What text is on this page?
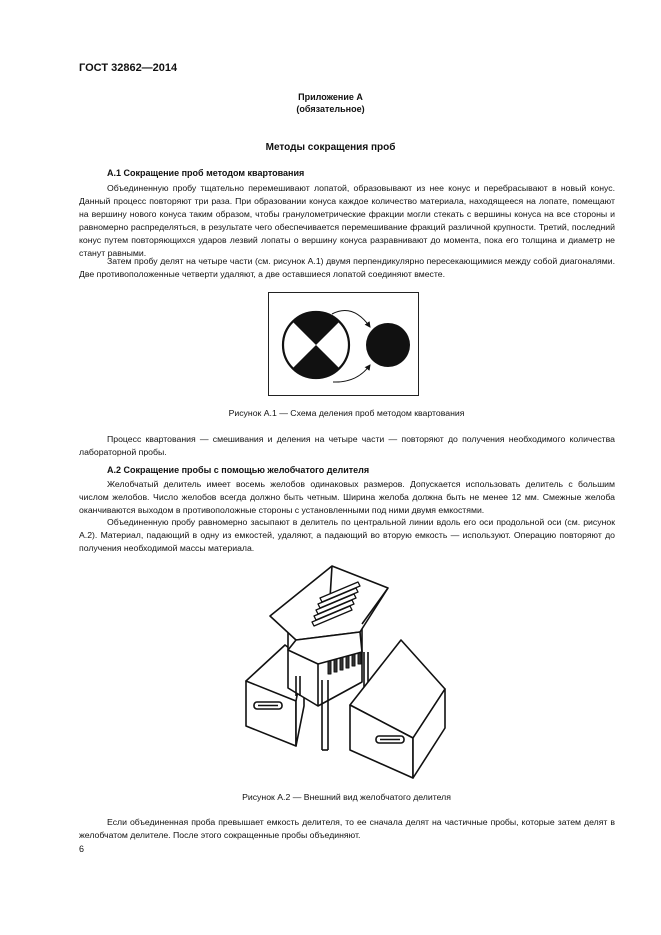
ГОСТ 32862—2014
Приложение А
(обязательное)
Методы сокращения проб
А.1 Сокращение проб методом квартования
Объединенную пробу тщательно перемешивают лопатой, образовывают из нее конус и перебрасывают в новый конус. Данный процесс повторяют три раза. При образовании конуса каждое количество материала, находящееся на лопате, помещают на вершину нового конуса таким образом, чтобы гранулометрические фракции могли стекать с вершины конуса на все стороны и равномерно распределяться, в результате чего обеспечивается перемешивание фракций различной крупности. Третий, последний конус путем повторяющихся ударов лезвий лопаты о вершину конуса разравнивают до момента, пока его толщина и диаметр не станут равными.
Затем пробу делят на четыре части (см. рисунок А.1) двумя перпендикулярно пересекающимися между собой диагоналями. Две противоположенные четверти удаляют, а две оставшиеся лопатой соединяют вместе.
Рисунок А.1 — Схема деления проб методом квартования
Процесс квартования — смешивания и деления на четыре части — повторяют до получения необходимого количества лабораторной пробы.
А.2 Сокращение пробы с помощью желобчатого делителя
Желобчатый делитель имеет восемь желобов одинаковых размеров. Допускается использовать делитель с большим числом желобов. Число желобов всегда должно быть четным. Ширина желоба должна быть не менее 12 мм. Смежные желоба оканчиваются выходом в противоположные стороны с установленными под ними двумя емкостями.
Объединенную пробу равномерно засыпают в делитель по центральной линии вдоль его оси продольной оси (см. рисунок А.2). Материал, падающий в одну из емкостей, удаляют, а падающий во вторую емкость — используют. Операцию повторяют до получения необходимой массы материала.
Рисунок А.2 — Внешний вид желобчатого делителя
Если объединенная проба превышает емкость делителя, то ее сначала делят на частичные пробы, которые затем делят в желобчатом делителе. После этого сокращенные пробы объединяют.
6
